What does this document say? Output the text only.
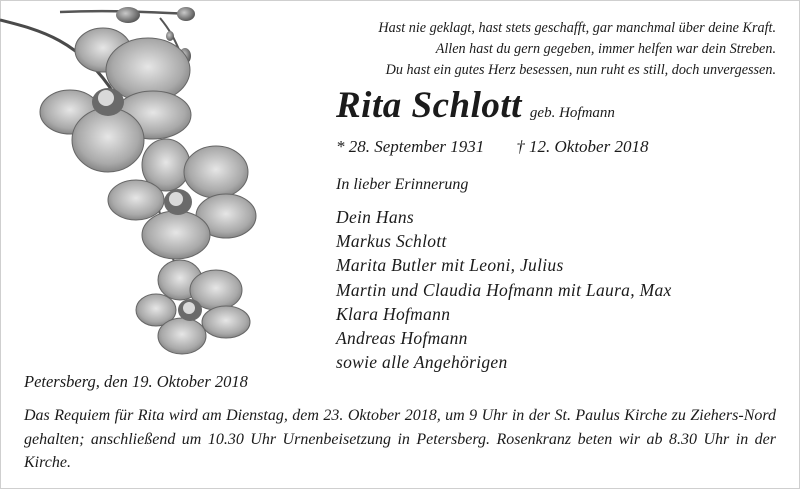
Hast nie geklagt, hast stets geschafft, gar manchmal über deine Kraft.
Allen hast du gern gegeben, immer helfen war dein Streben.
Du hast ein gutes Herz besessen, nun ruht es still, doch unvergessen.
Rita Schlott geb. Hofmann
* 28. September 1931 † 12. Oktober 2018
In lieber Erinnerung
Dein Hans
Markus Schlott
Marita Butler mit Leoni, Julius
Martin und Claudia Hofmann mit Laura, Max
Klara Hofmann
Andreas Hofmann
sowie alle Angehörigen
Petersberg, den 19. Oktober 2018
Das Requiem für Rita wird am Dienstag, dem 23. Oktober 2018, um 9 Uhr in der St. Paulus Kirche zu Ziehers-Nord gehalten; anschließend um 10.30 Uhr Urnenbeisetzung in Petersberg. Rosenkranz beten wir ab 8.30 Uhr in der Kirche.
